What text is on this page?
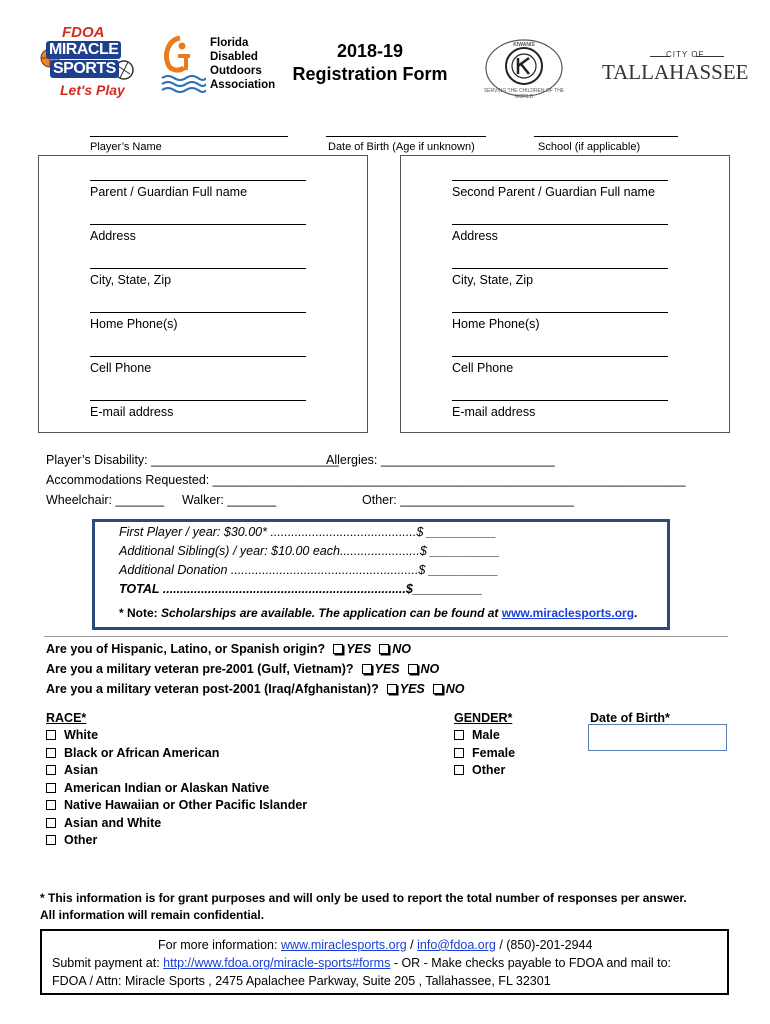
FDOA
MIRACLE
SPORTS
Let's Play
Florida
Disabled
Outdoors
Association
2018-19
Registration Form
SERVING THE CHILDREN OF THE WORLD
KIWANIS
CITY OF
TALLAHASSEE
Player’s Name	Date of Birth (Age if unknown)	School (if applicable)
Parent / Guardian Full name
Address
City, State, Zip
Home Phone(s)
Cell Phone
E-mail address
Second Parent / Guardian Full name
Address
City, State, Zip
Home Phone(s)
Cell Phone
E-mail address
Player’s Disability: ___________________________
Allergies: _________________________
Accommodations Requested: ____________________________________________________________________
Wheelchair: _______ Walker: _______	Other: _________________________
First Player / year: $30.00* ..........................................$ __________
Additional Sibling(s) / year: $10.00 each.......................$ __________
Additional Donation ......................................................$ __________
TOTAL ......................................................................$__________
* Note: Scholarships are available. The application can be found at www.miraclesports.org.
Are you of Hispanic, Latino, or Spanish origin? YES NO
Are you a military veteran pre-2001 (Gulf, Vietnam)? YES NO
Are you a military veteran post-2001 (Iraq/Afghanistan)? YES NO
RACE*
White
Black or African American
Asian
American Indian or Alaskan Native
Native Hawaiian or Other Pacific Islander
Asian and White
Other
GENDER*
Male
Female
Other
Date of Birth*
* This information is for grant purposes and will only be used to report the total number of responses per answer.
All information will remain confidential.
For more information: www.miraclesports.org / info@fdoa.org / (850)-201-2944
Submit payment at: http://www.fdoa.org/miracle-sports#forms - OR - Make checks payable to FDOA and mail to:
FDOA / Attn: Miracle Sports , 2475 Apalachee Parkway, Suite 205 , Tallahassee, FL 32301
